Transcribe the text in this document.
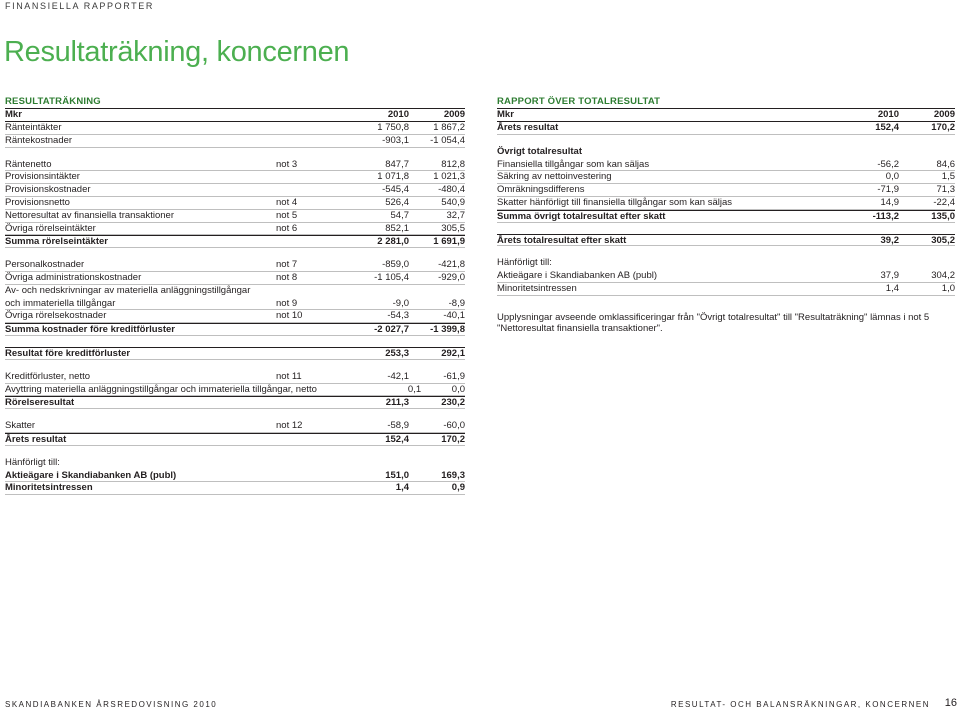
FINANSIELLA RAPPORTER
Resultaträkning, koncernen
RESULTATRÄKNING
Mkr	2010	2009
Ränteintäkter	1 750,8	1 867,2
Räntekostnader	-903,1	-1 054,4
Räntenetto	not 3	847,7	812,8
Provisionsintäkter	1 071,8	1 021,3
Provisionskostnader	-545,4	-480,4
Provisionsnetto	not 4	526,4	540,9
Nettoresultat av finansiella transaktioner	not 5	54,7	32,7
Övriga rörelseintäkter	not 6	852,1	305,5
Summa rörelseintäkter	2 281,0	1 691,9
Personalkostnader	not 7	-859,0	-421,8
Övriga administrationskostnader	not 8	-1 105,4	-929,0
Av- och nedskrivningar av materiella anläggningstillgångar
och immateriella tillgångar	not 9	-9,0	-8,9
Övriga rörelsekostnader	not 10	-54,3	-40,1
Summa kostnader före kreditförluster	-2 027,7	-1 399,8
Resultat före kreditförluster	253,3	292,1
Kreditförluster, netto	not 11	-42,1	-61,9
Avyttring materiella anläggningstillgångar och immateriella tillgångar, netto	0,1	0,0
Rörelseresultat	211,3	230,2
Skatter	not 12	-58,9	-60,0
Årets resultat	152,4	170,2
Hänförligt till:
Aktieägare i Skandiabanken AB (publ)	151,0	169,3
Minoritetsintressen	1,4	0,9
RAPPORT ÖVER TOTALRESULTAT
Mkr	2010	2009
Årets resultat	152,4	170,2
Övrigt totalresultat
Finansiella tillgångar som kan säljas	-56,2	84,6
Säkring av nettoinvestering	0,0	1,5
Omräkningsdifferens	-71,9	71,3
Skatter hänförligt till finansiella tillgångar som kan säljas	14,9	-22,4
Summa övrigt totalresultat efter skatt	-113,2	135,0
Årets totalresultat efter skatt	39,2	305,2
Hänförligt till:
Aktieägare i Skandiabanken AB (publ)	37,9	304,2
Minoritetsintressen	1,4	1,0
Upplysningar avseende omklassificeringar från "Övrigt totalresultat" till "Resultaträkning" lämnas i not 5 "Nettoresultat finansiella transaktioner".
SKANDIABANKEN ÅRSREDOVISNING 2010	RESULTAT- OCH BALANSRÄKNINGAR, KONCERNEN 16
